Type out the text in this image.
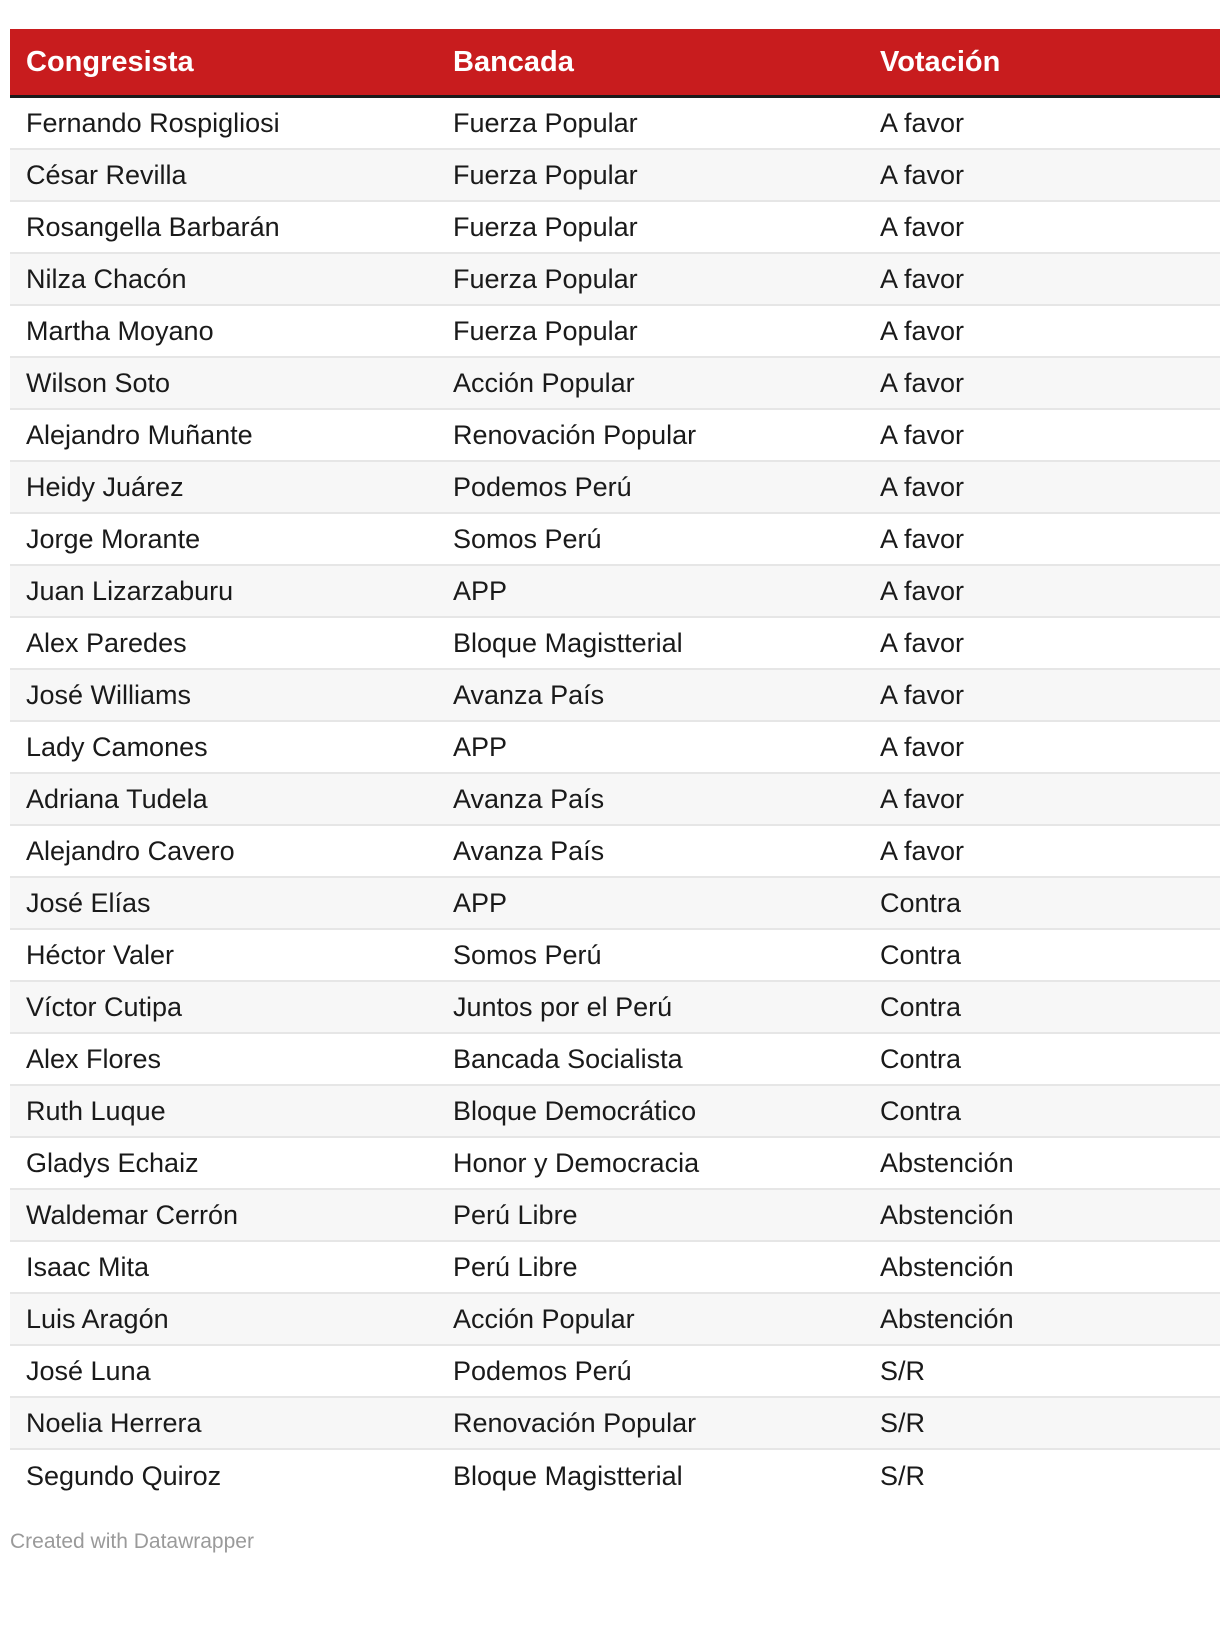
Congresista	Bancada	Votación
Fernando Rospigliosi	Fuerza Popular	A favor
César Revilla	Fuerza Popular	A favor
Rosangella Barbarán	Fuerza Popular	A favor
Nilza Chacón	Fuerza Popular	A favor
Martha Moyano	Fuerza Popular	A favor
Wilson Soto	Acción Popular	A favor
Alejandro Muñante	Renovación Popular	A favor
Heidy Juárez	Podemos Perú	A favor
Jorge Morante	Somos Perú	A favor
Juan Lizarzaburu	APP	A favor
Alex Paredes	Bloque Magistterial	A favor
José Williams	Avanza País	A favor
Lady Camones	APP	A favor
Adriana Tudela	Avanza País	A favor
Alejandro Cavero	Avanza País	A favor
José Elías	APP	Contra
Héctor Valer	Somos Perú	Contra
Víctor Cutipa	Juntos por el Perú	Contra
Alex Flores	Bancada Socialista	Contra
Ruth Luque	Bloque Democrático	Contra
Gladys Echaiz	Honor y Democracia	Abstención
Waldemar Cerrón	Perú Libre	Abstención
Isaac Mita	Perú Libre	Abstención
Luis Aragón	Acción Popular	Abstención
José Luna	Podemos Perú	S/R
Noelia Herrera	Renovación Popular	S/R
Segundo Quiroz	Bloque Magistterial	S/R
Created with Datawrapper
